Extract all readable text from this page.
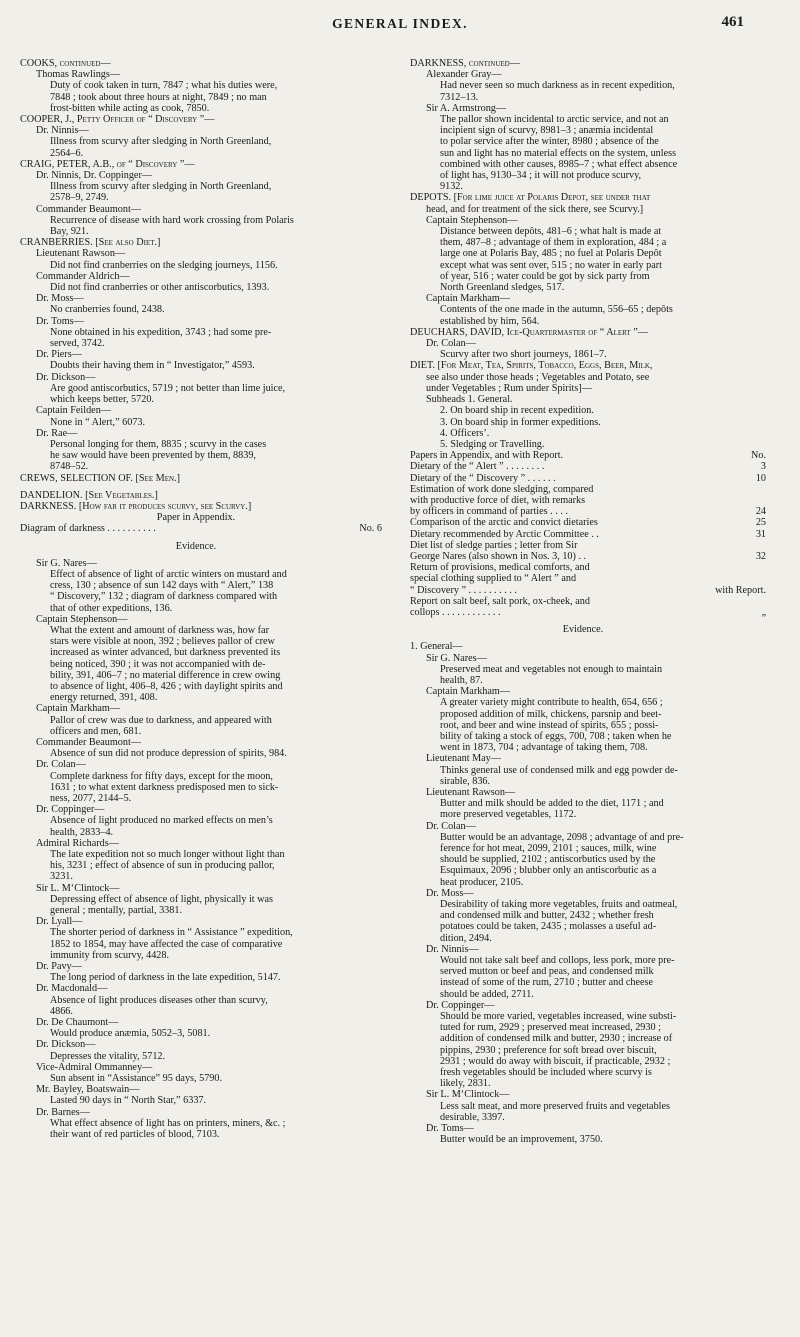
GENERAL INDEX.	461
COOKS, continued—
Thomas Rawlings—
Duty of cook taken in turn, 7847 ; what his duties were,
7848 ; took about three hours at night, 7849 ; no man
frost-bitten while acting as cook, 7850.
COOPER, J., Petty Officer of “ Discovery ”—
Dr. Ninnis—
Illness from scurvy after sledging in North Greenland,
2564–6.
CRAIG, PETER, A.B., of “ Discovery ”—
Dr. Ninnis, Dr. Coppinger—
Illness from scurvy after sledging in North Greenland,
2578–9, 2749.
Commander Beaumont—
Recurrence of disease with hard work crossing from Polaris
Bay, 921.
CRANBERRIES. [See also Diet.]
Lieutenant Rawson—
Did not find cranberries on the sledging journeys, 1156.
Commander Aldrich—
Did not find cranberries or other antiscorbutics, 1393.
Dr. Moss—
No cranberries found, 2438.
Dr. Toms—
None obtained in his expedition, 3743 ; had some pre-
served, 3742.
Dr. Piers—
Doubts their having them in “ Investigator,” 4593.
Dr. Dickson—
Are good antiscorbutics, 5719 ; not better than lime juice,
which keeps better, 5720.
Captain Feilden—
None in “ Alert,” 6073.
Dr. Rae—
Personal longing for them, 8835 ; scurvy in the cases
he saw would have been prevented by them, 8839,
8748–52.
CREWS, SELECTION OF. [See Men.]
DANDELION. [See Vegetables.]
DARKNESS. [How far it produces scurvy, see Scurvy.]
Paper in Appendix.
Diagram of darkness . . . . . . . . . .	No. 6
Evidence.
Sir G. Nares—
Effect of absence of light of arctic winters on mustard and
cress, 130 ; absence of sun 142 days with “ Alert,” 138
“ Discovery,” 132 ; diagram of darkness compared with
that of other expeditions, 136.
Captain Stephenson—
What the extent and amount of darkness was, how far
stars were visible at noon, 392 ; believes pallor of crew
increased as winter advanced, but darkness prevented its
being noticed, 390 ; it was not accompanied with de-
bility, 391, 406–7 ; no material difference in crew owing
to absence of light, 406–8, 426 ; with daylight spirits and
energy returned, 391, 408.
Captain Markham—
Pallor of crew was due to darkness, and appeared with
officers and men, 681.
Commander Beaumont—
Absence of sun did not produce depression of spirits, 984.
Dr. Colan—
Complete darkness for fifty days, except for the moon,
1631 ; to what extent darkness predisposed men to sick-
ness, 2077, 2144–5.
Dr. Coppinger—
Absence of light produced no marked effects on men’s
health, 2833–4.
Admiral Richards—
The late expedition not so much longer without light than
his, 3231 ; effect of absence of sun in producing pallor,
3231.
Sir L. M‘Clintock—
Depressing effect of absence of light, physically it was
general ; mentally, partial, 3381.
Dr. Lyall—
The shorter period of darkness in “ Assistance ” expedition,
1852 to 1854, may have affected the case of comparative
immunity from scurvy, 4428.
Dr. Pavy—
The long period of darkness in the late expedition, 5147.
Dr. Macdonald—
Absence of light produces diseases other than scurvy,
4866.
Dr. De Chaumont—
Would produce anæmia, 5052–3, 5081.
Dr. Dickson—
Depresses the vitality, 5712.
Vice-Admiral Ommanney—
Sun absent in “Assistance” 95 days, 5790.
Mr. Bayley, Boatswain—
Lasted 90 days in “ North Star,” 6337.
Dr. Barnes—
What effect absence of light has on printers, miners, &c. ;
their want of red particles of blood, 7103.
DARKNESS, continued—
Alexander Gray—
Had never seen so much darkness as in recent expedition,
7312–13.
Sir A. Armstrong—
The pallor shown incidental to arctic service, and not an
incipient sign of scurvy, 8981–3 ; anæmia incidental
to polar service after the winter, 8980 ; absence of the
sun and light has no material effects on the system, unless
combined with other causes, 8985–7 ; what effect absence
of light has, 9130–34 ; it will not produce scurvy,
9132.
DEPOTS. [For lime juice at Polaris Depot, see under that
head, and for treatment of the sick there, see Scurvy.]
Captain Stephenson—
Distance between depôts, 481–6 ; what halt is made at
them, 487–8 ; advantage of them in exploration, 484 ; a
large one at Polaris Bay, 485 ; no fuel at Polaris Depôt
except what was sent over, 515 ; no water in early part
of year, 516 ; water could be got by sick party from
North Greenland sledges, 517.
Captain Markham—
Contents of the one made in the autumn, 556–65 ; depôts
established by him, 564.
DEUCHARS, DAVID, Ice-Quartermaster of “ Alert ”—
Dr. Colan—
Scurvy after two short journeys, 1861–7.
DIET. [For Meat, Tea, Spirits, Tobacco, Eggs, Beer, Milk,
see also under those heads ; Vegetables and Potato, see
under Vegetables ; Rum under Spirits]—
Subheads 1. General.
2. On board ship in recent expedition.
3. On board ship in former expeditions.
4. Officers’.
5. Sledging or Travelling.
Papers in Appendix, and with Report.	No.
Dietary of the “ Alert ” . . . . . . . .	3
Dietary of the “ Discovery ” . . . . . .	10
Estimation of work done sledging, compared
with productive force of diet, with remarks
by officers in command of parties . . . .	24
Comparison of the arctic and convict dietaries	25
Dietary recommended by Arctic Committee . .	31
Diet list of sledge parties ; letter from Sir
George Nares (also shown in Nos. 3, 10) . .	32
Return of provisions, medical comforts, and
special clothing supplied to “ Alert ” and
“ Discovery ” . . . . . . . . . .	with Report.
Report on salt beef, salt pork, ox-cheek, and
collops . . . . . . . . . . . .	„
Evidence.
1. General—
Sir G. Nares—
Preserved meat and vegetables not enough to maintain
health, 87.
Captain Markham—
A greater variety might contribute to health, 654, 656 ;
proposed addition of milk, chickens, parsnip and beet-
root, and beer and wine instead of spirits, 655 ; possi-
bility of taking a stock of eggs, 700, 708 ; taken when he
went in 1873, 704 ; advantage of taking them, 708.
Lieutenant May—
Thinks general use of condensed milk and egg powder de-
sirable, 836.
Lieutenant Rawson—
Butter and milk should be added to the diet, 1171 ; and
more preserved vegetables, 1172.
Dr. Colan—
Butter would be an advantage, 2098 ; advantage of and pre-
ference for hot meat, 2099, 2101 ; sauces, milk, wine
should be supplied, 2102 ; antiscorbutics used by the
Esquimaux, 2096 ; blubber only an antiscorbutic as a
heat producer, 2105.
Dr. Moss—
Desirability of taking more vegetables, fruits and oatmeal,
and condensed milk and butter, 2432 ; whether fresh
potatoes could be taken, 2435 ; molasses a useful ad-
dition, 2494.
Dr. Ninnis—
Would not take salt beef and collops, less pork, more pre-
served mutton or beef and peas, and condensed milk
instead of some of the rum, 2710 ; butter and cheese
should be added, 2711.
Dr. Coppinger—
Should be more varied, vegetables increased, wine substi-
tuted for rum, 2929 ; preserved meat increased, 2930 ;
addition of condensed milk and butter, 2930 ; increase of
pippins, 2930 ; preference for soft bread over biscuit,
2931 ; would do away with biscuit, if practicable, 2932 ;
fresh vegetables should be included where scurvy is
likely, 2831.
Sir L. M‘Clintock—
Less salt meat, and more preserved fruits and vegetables
desirable, 3397.
Dr. Toms—
Butter would be an improvement, 3750.
